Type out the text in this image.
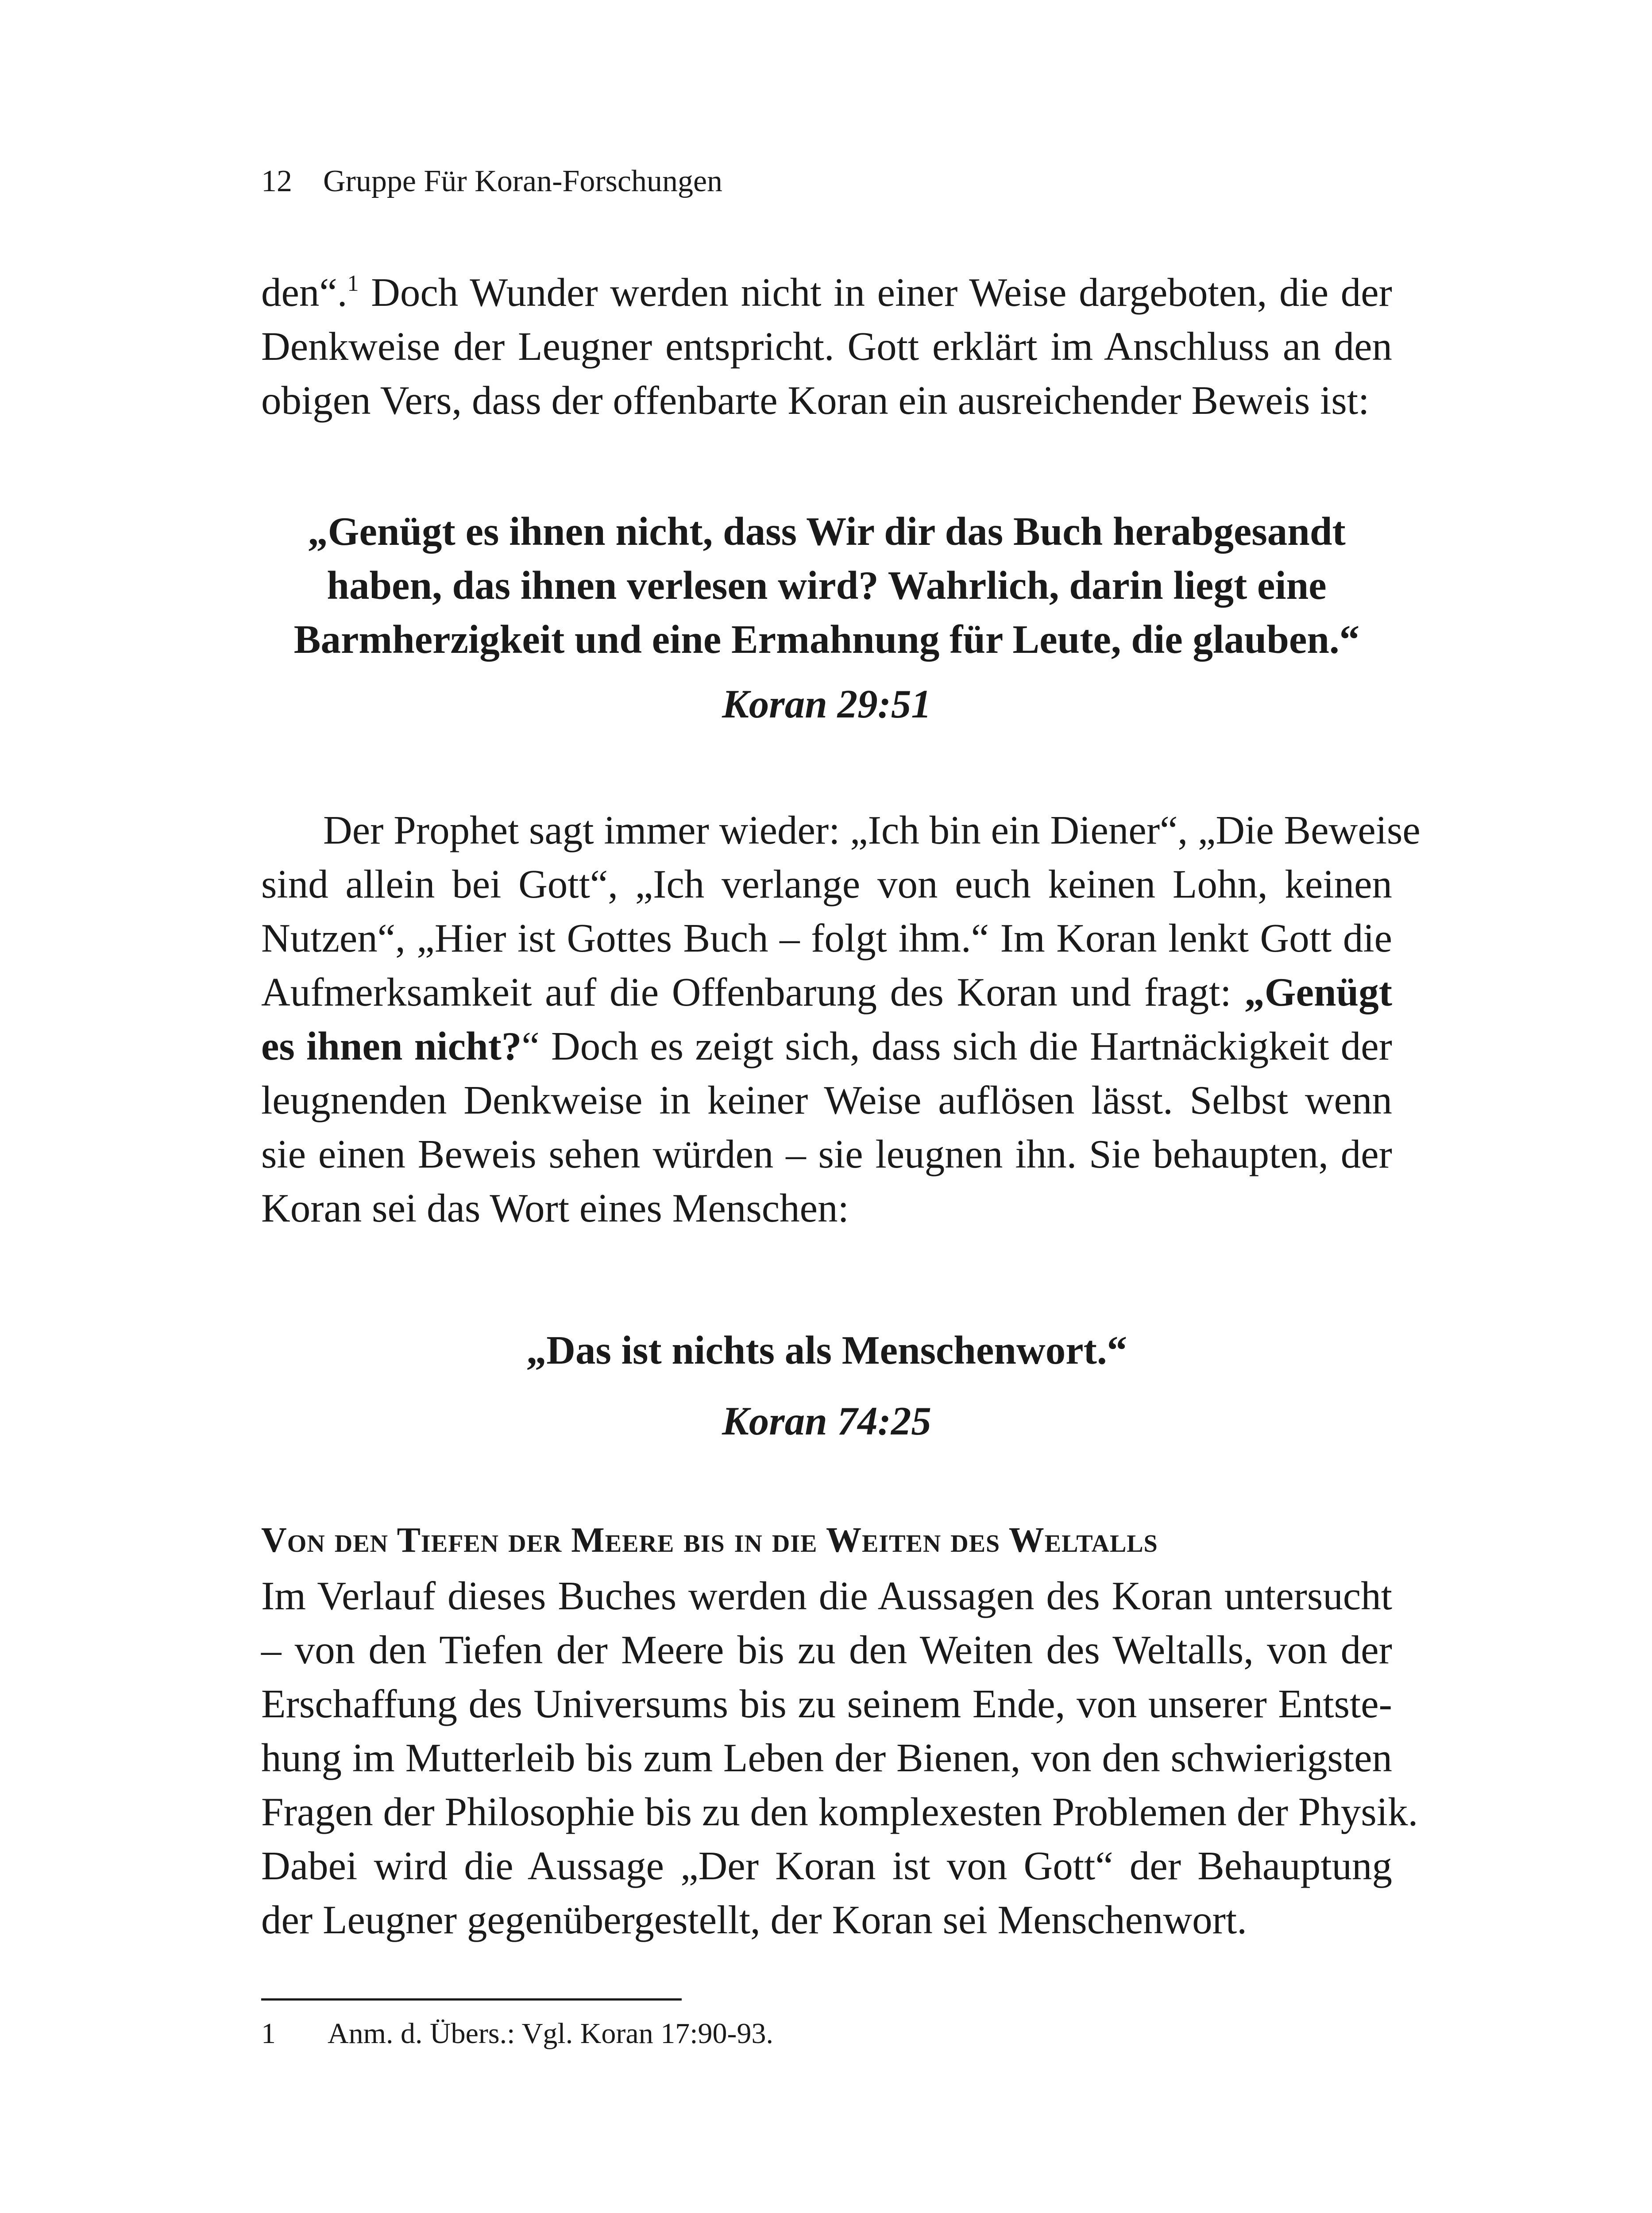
12 Gruppe Für Koran-Forschungen
den“.$^1$ Doch Wunder werden nicht in einer Weise dargeboten, die der
Denkweise der Leugner entspricht. Gott erklärt im Anschluss an den
obigen Vers, dass der offenbarte Koran ein ausreichender Beweis ist:
„Genügt es ihnen nicht, dass Wir dir das Buch herabgesandt
haben, das ihnen verlesen wird? Wahrlich, darin liegt eine
Barmherzigkeit und eine Ermahnung für Leute, die glauben.“
Koran 29:51
Der Prophet sagt immer wieder: „Ich bin ein Diener“, „Die Beweise
sind allein bei Gott“, „Ich verlange von euch keinen Lohn, keinen
Nutzen“, „Hier ist Gottes Buch – folgt ihm.“ Im Koran lenkt Gott die
Aufmerksamkeit auf die Offenbarung des Koran und fragt: „Genügt
es ihnen nicht?“ Doch es zeigt sich, dass sich die Hartnäckigkeit der
leugnenden Denkweise in keiner Weise auflösen lässt. Selbst wenn
sie einen Beweis sehen würden – sie leugnen ihn. Sie behaupten, der
Koran sei das Wort eines Menschen:
„Das ist nichts als Menschenwort.“
Koran 74:25
Von den Tiefen der Meere bis in die Weiten des Weltalls
Im Verlauf dieses Buches werden die Aussagen des Koran untersucht
– von den Tiefen der Meere bis zu den Weiten des Weltalls, von der
Erschaffung des Universums bis zu seinem Ende, von unserer Entste-
hung im Mutterleib bis zum Leben der Bienen, von den schwierigsten
Fragen der Philosophie bis zu den komplexesten Problemen der Physik.
Dabei wird die Aussage „Der Koran ist von Gott“ der Behauptung
der Leugner gegenübergestellt, der Koran sei Menschenwort.
1 Anm. d. Übers.: Vgl. Koran 17:90-93.
